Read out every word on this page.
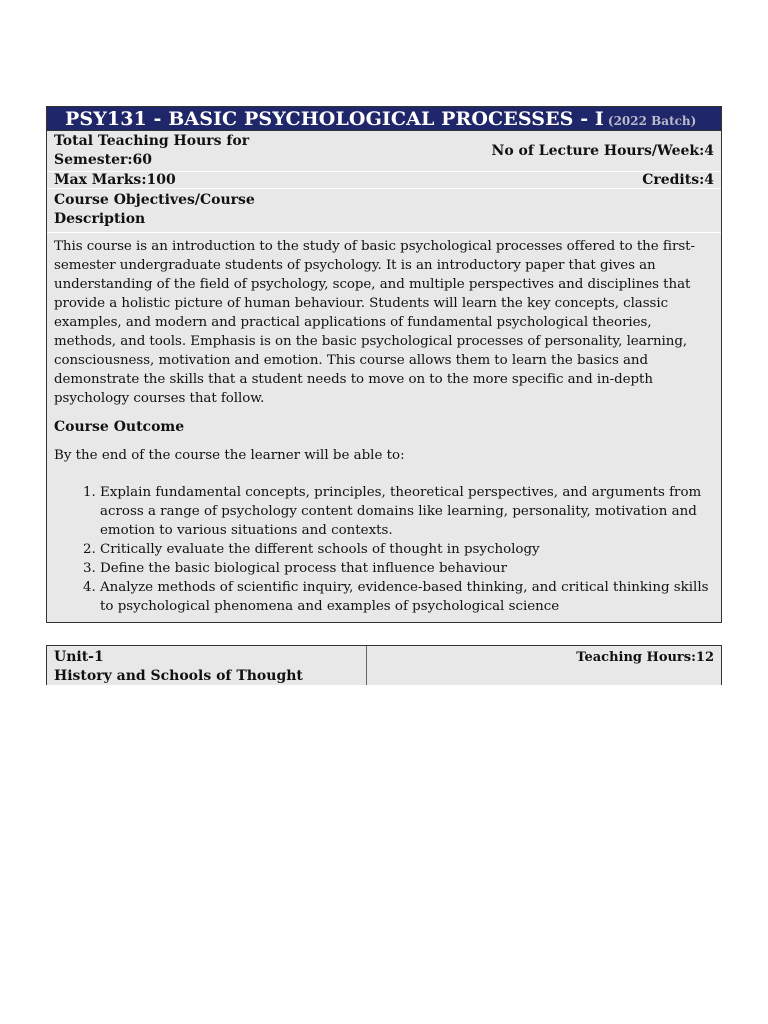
PSY131 - BASIC PSYCHOLOGICAL PROCESSES - I (2022 Batch)
Total Teaching Hours for Semester:60
No of Lecture Hours/Week:4
Max Marks:100	Credits:4
Course Objectives/Course Description

This course is an introduction to the study of basic psychological processes offered to the first-semester undergraduate students of psychology. It is an introductory paper that gives an understanding of the field of psychology, scope, and multiple perspectives and disciplines that provide a holistic picture of human behaviour. Students will learn the key concepts, classic examples, and modern and practical applications of fundamental psychological theories, methods, and tools. Emphasis is on the basic psychological processes of personality, learning, consciousness, motivation and emotion. This course allows them to learn the basics and demonstrate the skills that a student needs to move on to the more specific and in-depth psychology courses that follow.

Course Outcome

By the end of the course the learner will be able to:

1. Explain fundamental concepts, principles, theoretical perspectives, and arguments from across a range of psychology content domains like learning, personality, motivation and emotion to various situations and contexts.
2. Critically evaluate the different schools of thought in psychology
3. Define the basic biological process that influence behaviour
4. Analyze methods of scientific inquiry, evidence-based thinking, and critical thinking skills to psychological phenomena and examples of psychological science
Unit-1
History and Schools of Thought
Teaching Hours:12
